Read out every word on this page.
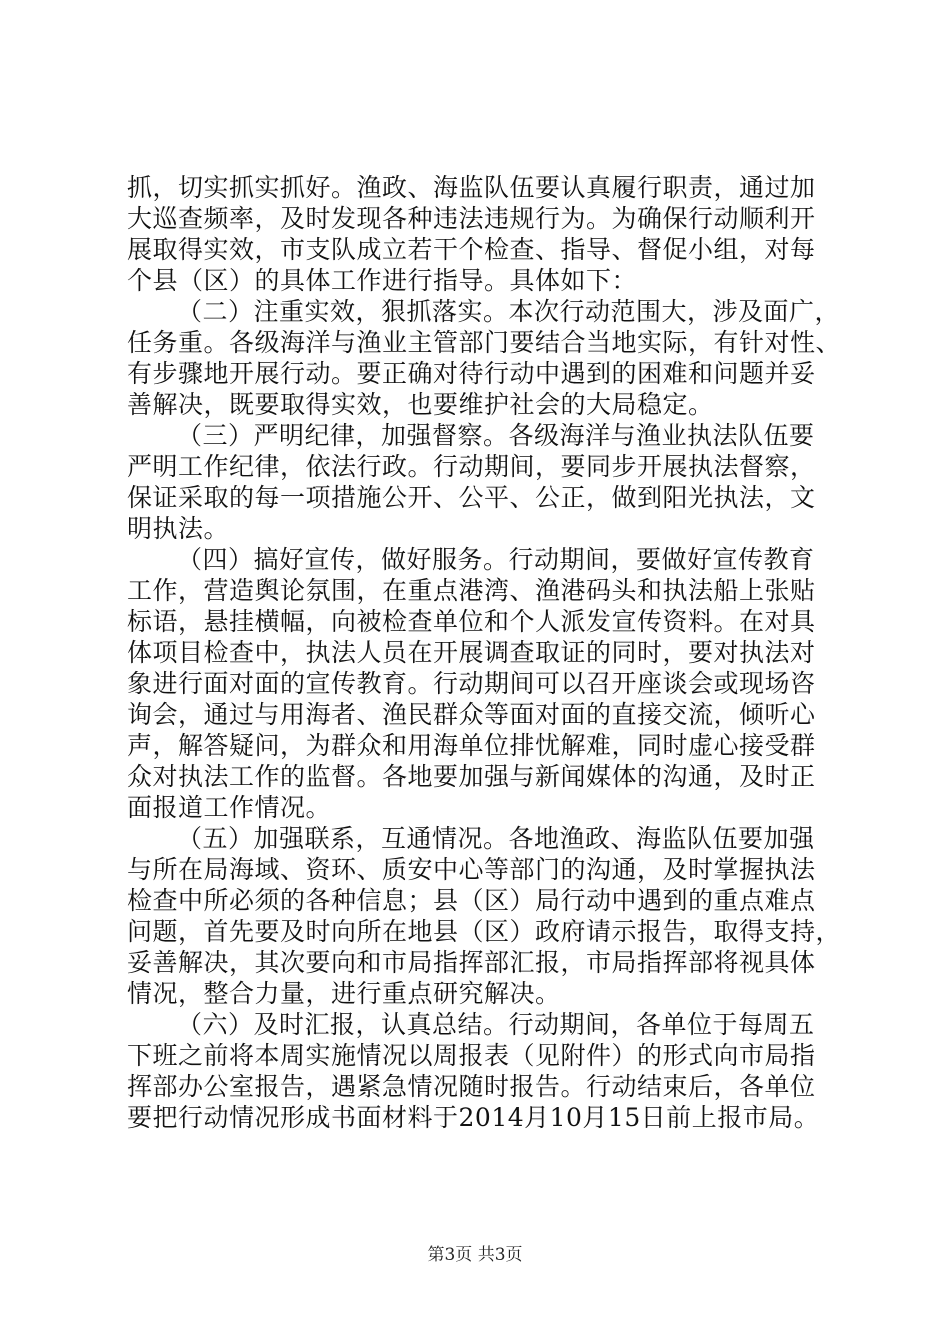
抓，切实抓实抓好。渔政、海监队伍要认真履行职责，通过加
大巡查频率，及时发现各种违法违规行为。为确保行动顺利开
展取得实效，市支队成立若干个检查、指导、督促小组，对每
个县（区）的具体工作进行指导。具体如下：
（二）注重实效，狠抓落实。本次行动范围大，涉及面广，
任务重。各级海洋与渔业主管部门要结合当地实际，有针对性、
有步骤地开展行动。要正确对待行动中遇到的困难和问题并妥
善解决，既要取得实效，也要维护社会的大局稳定。
（三）严明纪律，加强督察。各级海洋与渔业执法队伍要
严明工作纪律，依法行政。行动期间，要同步开展执法督察，
保证采取的每一项措施公开、公平、公正，做到阳光执法，文
明执法。
（四）搞好宣传，做好服务。行动期间，要做好宣传教育
工作，营造舆论氛围，在重点港湾、渔港码头和执法船上张贴
标语，悬挂横幅，向被检查单位和个人派发宣传资料。在对具
体项目检查中，执法人员在开展调查取证的同时，要对执法对
象进行面对面的宣传教育。行动期间可以召开座谈会或现场咨
询会，通过与用海者、渔民群众等面对面的直接交流，倾听心
声，解答疑问，为群众和用海单位排忧解难，同时虚心接受群
众对执法工作的监督。各地要加强与新闻媒体的沟通，及时正
面报道工作情况。
（五）加强联系，互通情况。各地渔政、海监队伍要加强
与所在局海域、资环、质安中心等部门的沟通，及时掌握执法
检查中所必须的各种信息；县（区）局行动中遇到的重点难点
问题，首先要及时向所在地县（区）政府请示报告，取得支持，
妥善解决，其次要向和市局指挥部汇报，市局指挥部将视具体
情况，整合力量，进行重点研究解决。
（六）及时汇报，认真总结。行动期间，各单位于每周五
下班之前将本周实施情况以周报表（见附件）的形式向市局指
挥部办公室报告，遇紧急情况随时报告。行动结束后，各单位
要把行动情况形成书面材料于2014月10月15日前上报市局。
第3页 共3页
